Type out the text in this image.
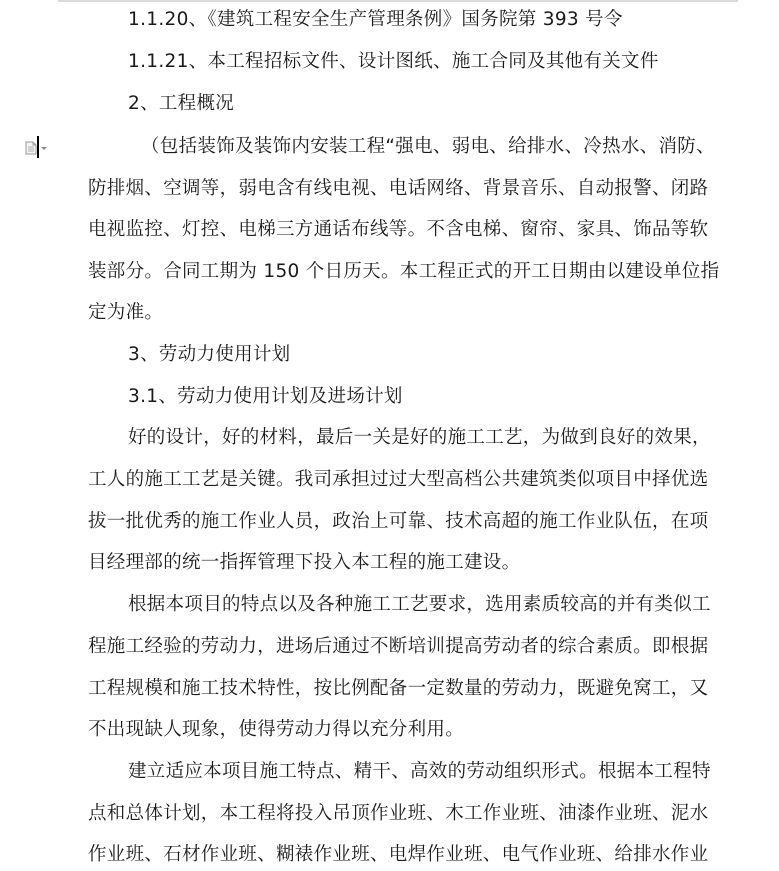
1.1.20、《建筑工程安全生产管理条例》国务院第 393 号令
1.1.21、本工程招标文件、设计图纸、施工合同及其他有关文件
2、工程概况
（包括装饰及装饰内安装工程“强电、弱电、给排水、冷热水、消防、
防排烟、空调等，弱电含有线电视、电话网络、背景音乐、自动报警、闭路
电视监控、灯控、电梯三方通话布线等。不含电梯、窗帘、家具、饰品等软
装部分。合同工期为 150 个日历天。本工程正式的开工日期由以建设单位指
定为准。
3、劳动力使用计划
3.1、劳动力使用计划及进场计划
好的设计，好的材料，最后一关是好的施工工艺，为做到良好的效果，
工人的施工工艺是关键。我司承担过过大型高档公共建筑类似项目中择优选
拔一批优秀的施工作业人员，政治上可靠、技术高超的施工作业队伍，在项
目经理部的统一指挥管理下投入本工程的施工建设。
根据本项目的特点以及各种施工工艺要求，选用素质较高的并有类似工
程施工经验的劳动力，进场后通过不断培训提高劳动者的综合素质。即根据
工程规模和施工技术特性，按比例配备一定数量的劳动力，既避免窝工，又
不出现缺人现象，使得劳动力得以充分利用。
建立适应本项目施工特点、精干、高效的劳动组织形式。根据本工程特
点和总体计划，本工程将投入吊顶作业班、木工作业班、油漆作业班、泥水
作业班、石材作业班、糊裱作业班、电焊作业班、电气作业班、给排水作业
